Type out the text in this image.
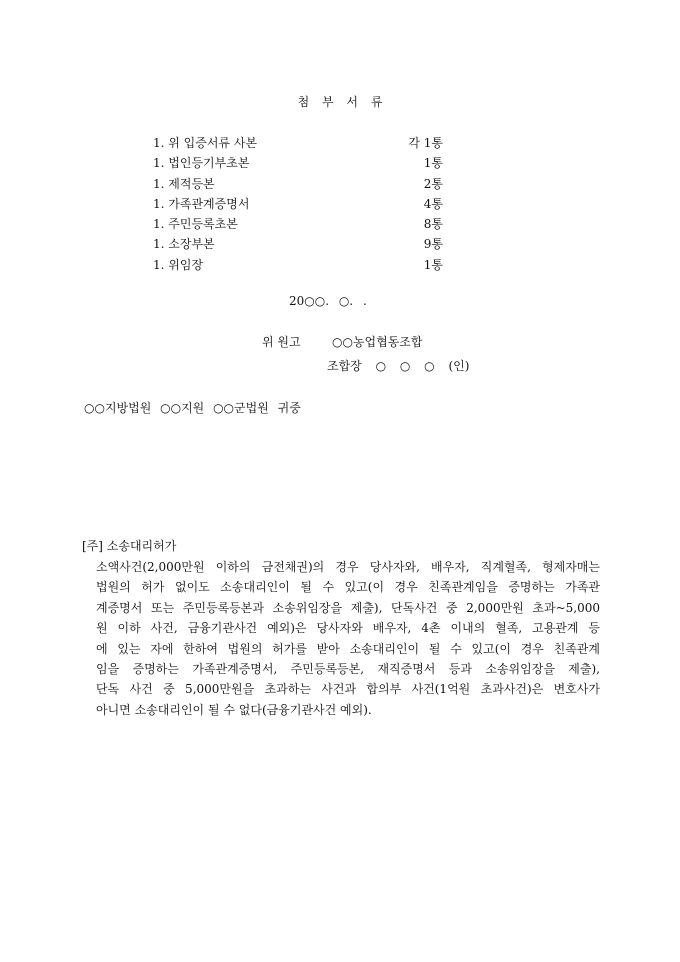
첨 부 서 류
1. 위 입증서류 사본	각 1통
1. 법인등기부초본	1통
1. 제적등본	2통
1. 가족관계증명서	4통
1. 주민등록초본	8통
1. 소장부본	9통
1. 위임장	1통
20○○. ○. .
위 원고	○○농업협동조합
조합장 ○ ○ ○ (인)
○○지방법원 ○○지원 ○○군법원 귀중
[주] 소송대리허가
소액사건(2,000만원 이하의 금전채권)의 경우 당사자와, 배우자, 직계혈족, 형제자매는
법원의 허가 없이도 소송대리인이 될 수 있고(이 경우 친족관계임을 증명하는 가족관
계증명서 또는 주민등록등본과 소송위임장을 제출), 단독사건 중 2,000만원 초과~5,000
원 이하 사건, 금융기관사건 예외)은 당사자와 배우자, 4촌 이내의 혈족, 고용관계 등
에 있는 자에 한하여 법원의 허가를 받아 소송대리인이 될 수 있고(이 경우 친족관계
임을 증명하는 가족관계증명서, 주민등록등본, 재직증명서 등과 소송위임장을 제출),
단독 사건 중 5,000만원을 초과하는 사건과 합의부 사건(1억원 초과사건)은 변호사가
아니면 소송대리인이 될 수 없다(금융기관사건 예외).
